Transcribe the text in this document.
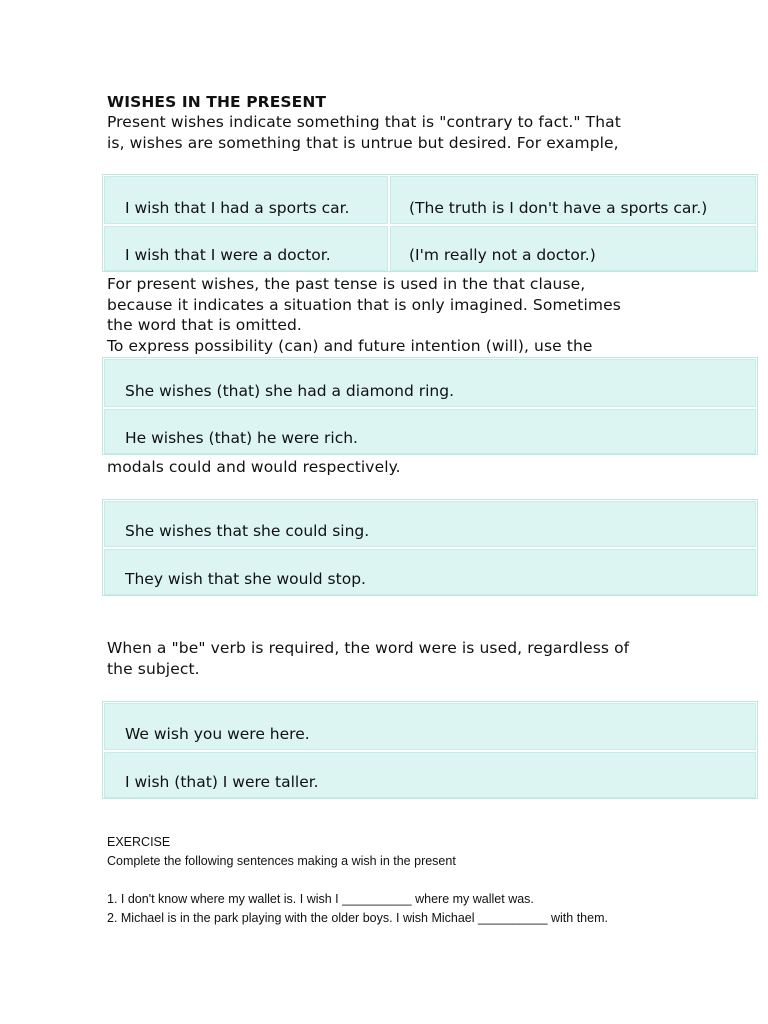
WISHES IN THE PRESENT
Present wishes indicate something that is "contrary to fact." That
is, wishes are something that is untrue but desired. For example,
I wish that I had a sports car.	(The truth is I don't have a sports car.)
I wish that I were a doctor.	(I'm really not a doctor.)
For present wishes, the past tense is used in the that clause,
because it indicates a situation that is only imagined. Sometimes
the word that is omitted.
To express possibility (can) and future intention (will), use the
She wishes (that) she had a diamond ring.
He wishes (that) he were rich.
modals could and would respectively.
She wishes that she could sing.
They wish that she would stop.
When a "be" verb is required, the word were is used, regardless of
the subject.
We wish you were here.
I wish (that) I were taller.
EXERCISE
Complete the following sentences making a wish in the present
1. I don't know where my wallet is. I wish I __________ where my wallet was.
2. Michael is in the park playing with the older boys. I wish Michael __________ with them.
